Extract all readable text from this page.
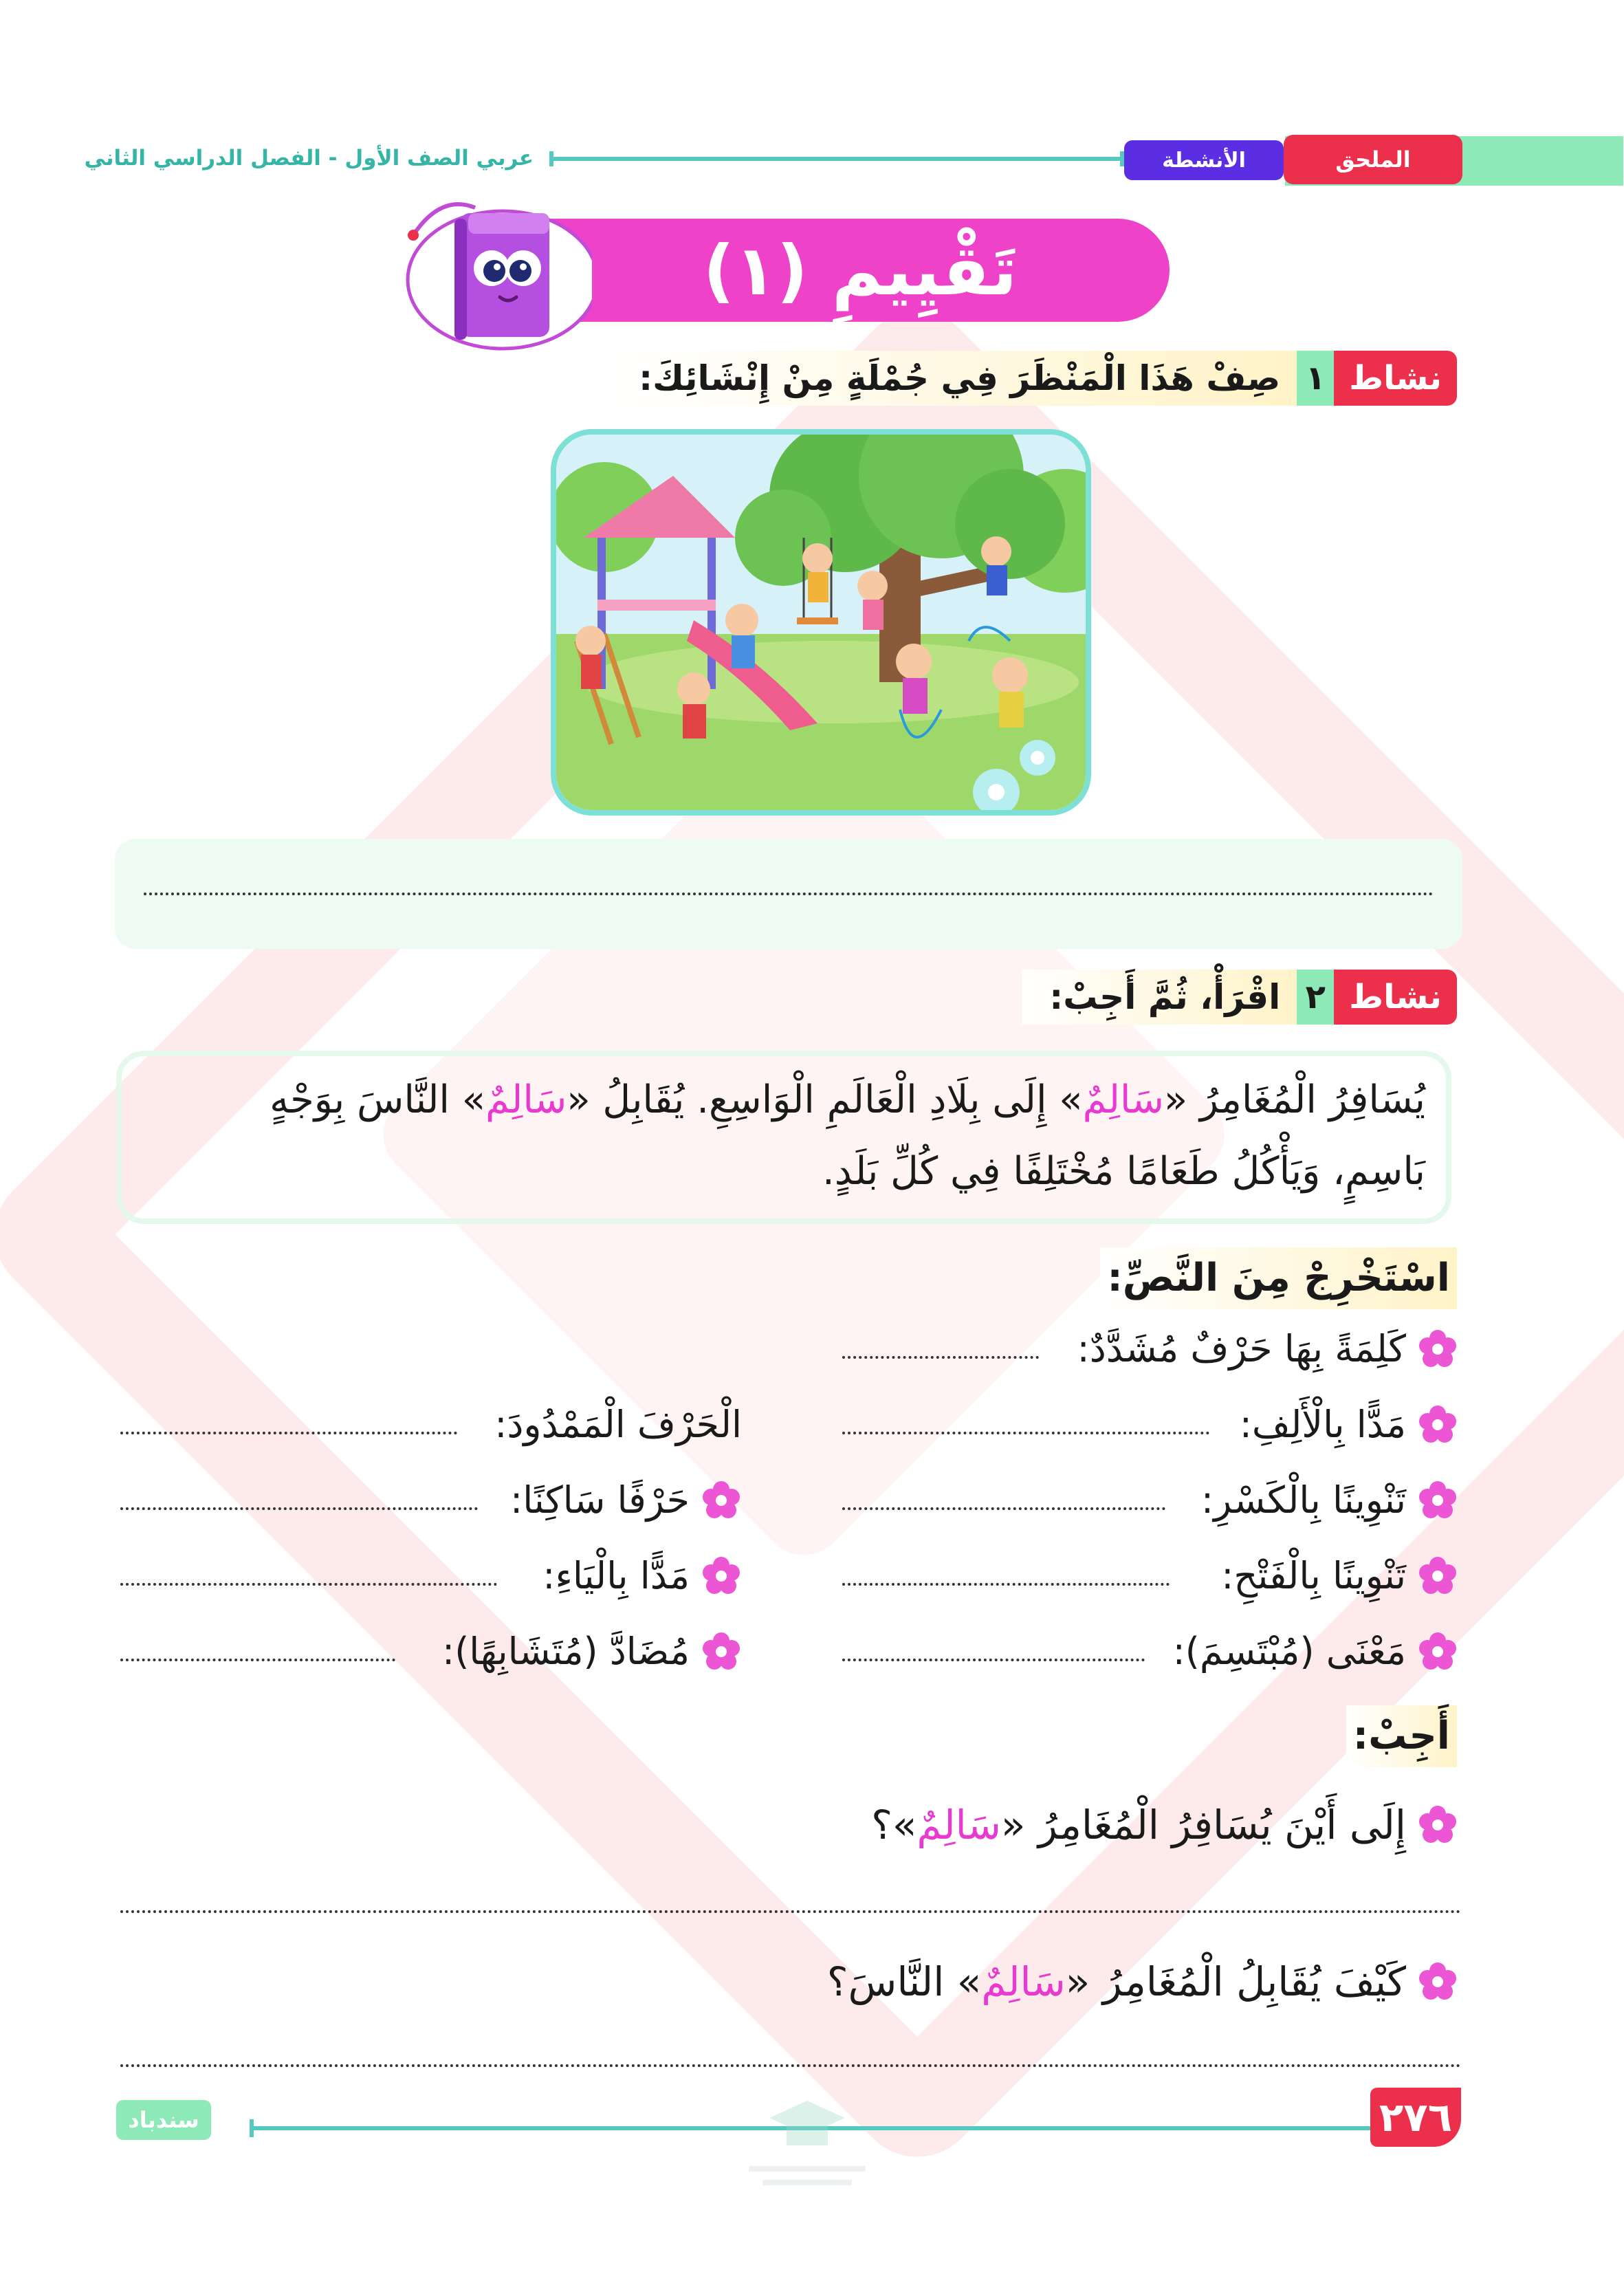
عربي الصف الأول - الفصل الدراسي الثاني	الأنشطة	الملحق
تَقْيِيمِ (١)
نشاط
١
صِفْ هَذَا الْمَنْظَرَ فِي جُمْلَةٍ مِنْ إِنْشَائِكَ:
نشاط
٢
اقْرَأْ، ثُمَّ أَجِبْ:
يُسَافِرُ الْمُغَامِرُ «سَالِمٌ» إِلَى بِلَادِ الْعَالَمِ الْوَاسِعِ. يُقَابِلُ «سَالِمٌ» النَّاسَ بِوَجْهٍ
بَاسِمٍ، وَيَأْكُلُ طَعَامًا مُخْتَلِفًا فِي كُلِّ بَلَدٍ.
اسْتَخْرِجْ مِنَ النَّصِّ:
كَلِمَةً بِهَا حَرْفٌ مُشَدَّدٌ:
مَدًّا بِالْأَلِفِ:
تَنْوِينًا بِالْكَسْرِ:
تَنْوِينًا بِالْفَتْحِ:
مَعْنَى (مُبْتَسِمَ):
الْحَرْفَ الْمَمْدُودَ:
حَرْفًا سَاكِنًا:
مَدًّا بِالْيَاءِ:
مُضَادَّ (مُتَشَابِهًا):
أَجِبْ:
إِلَى أَيْنَ يُسَافِرُ الْمُغَامِرُ «سَالِمٌ»؟
كَيْفَ يُقَابِلُ الْمُغَامِرُ «سَالِمٌ» النَّاسَ؟
٢٧٦
سندباد
